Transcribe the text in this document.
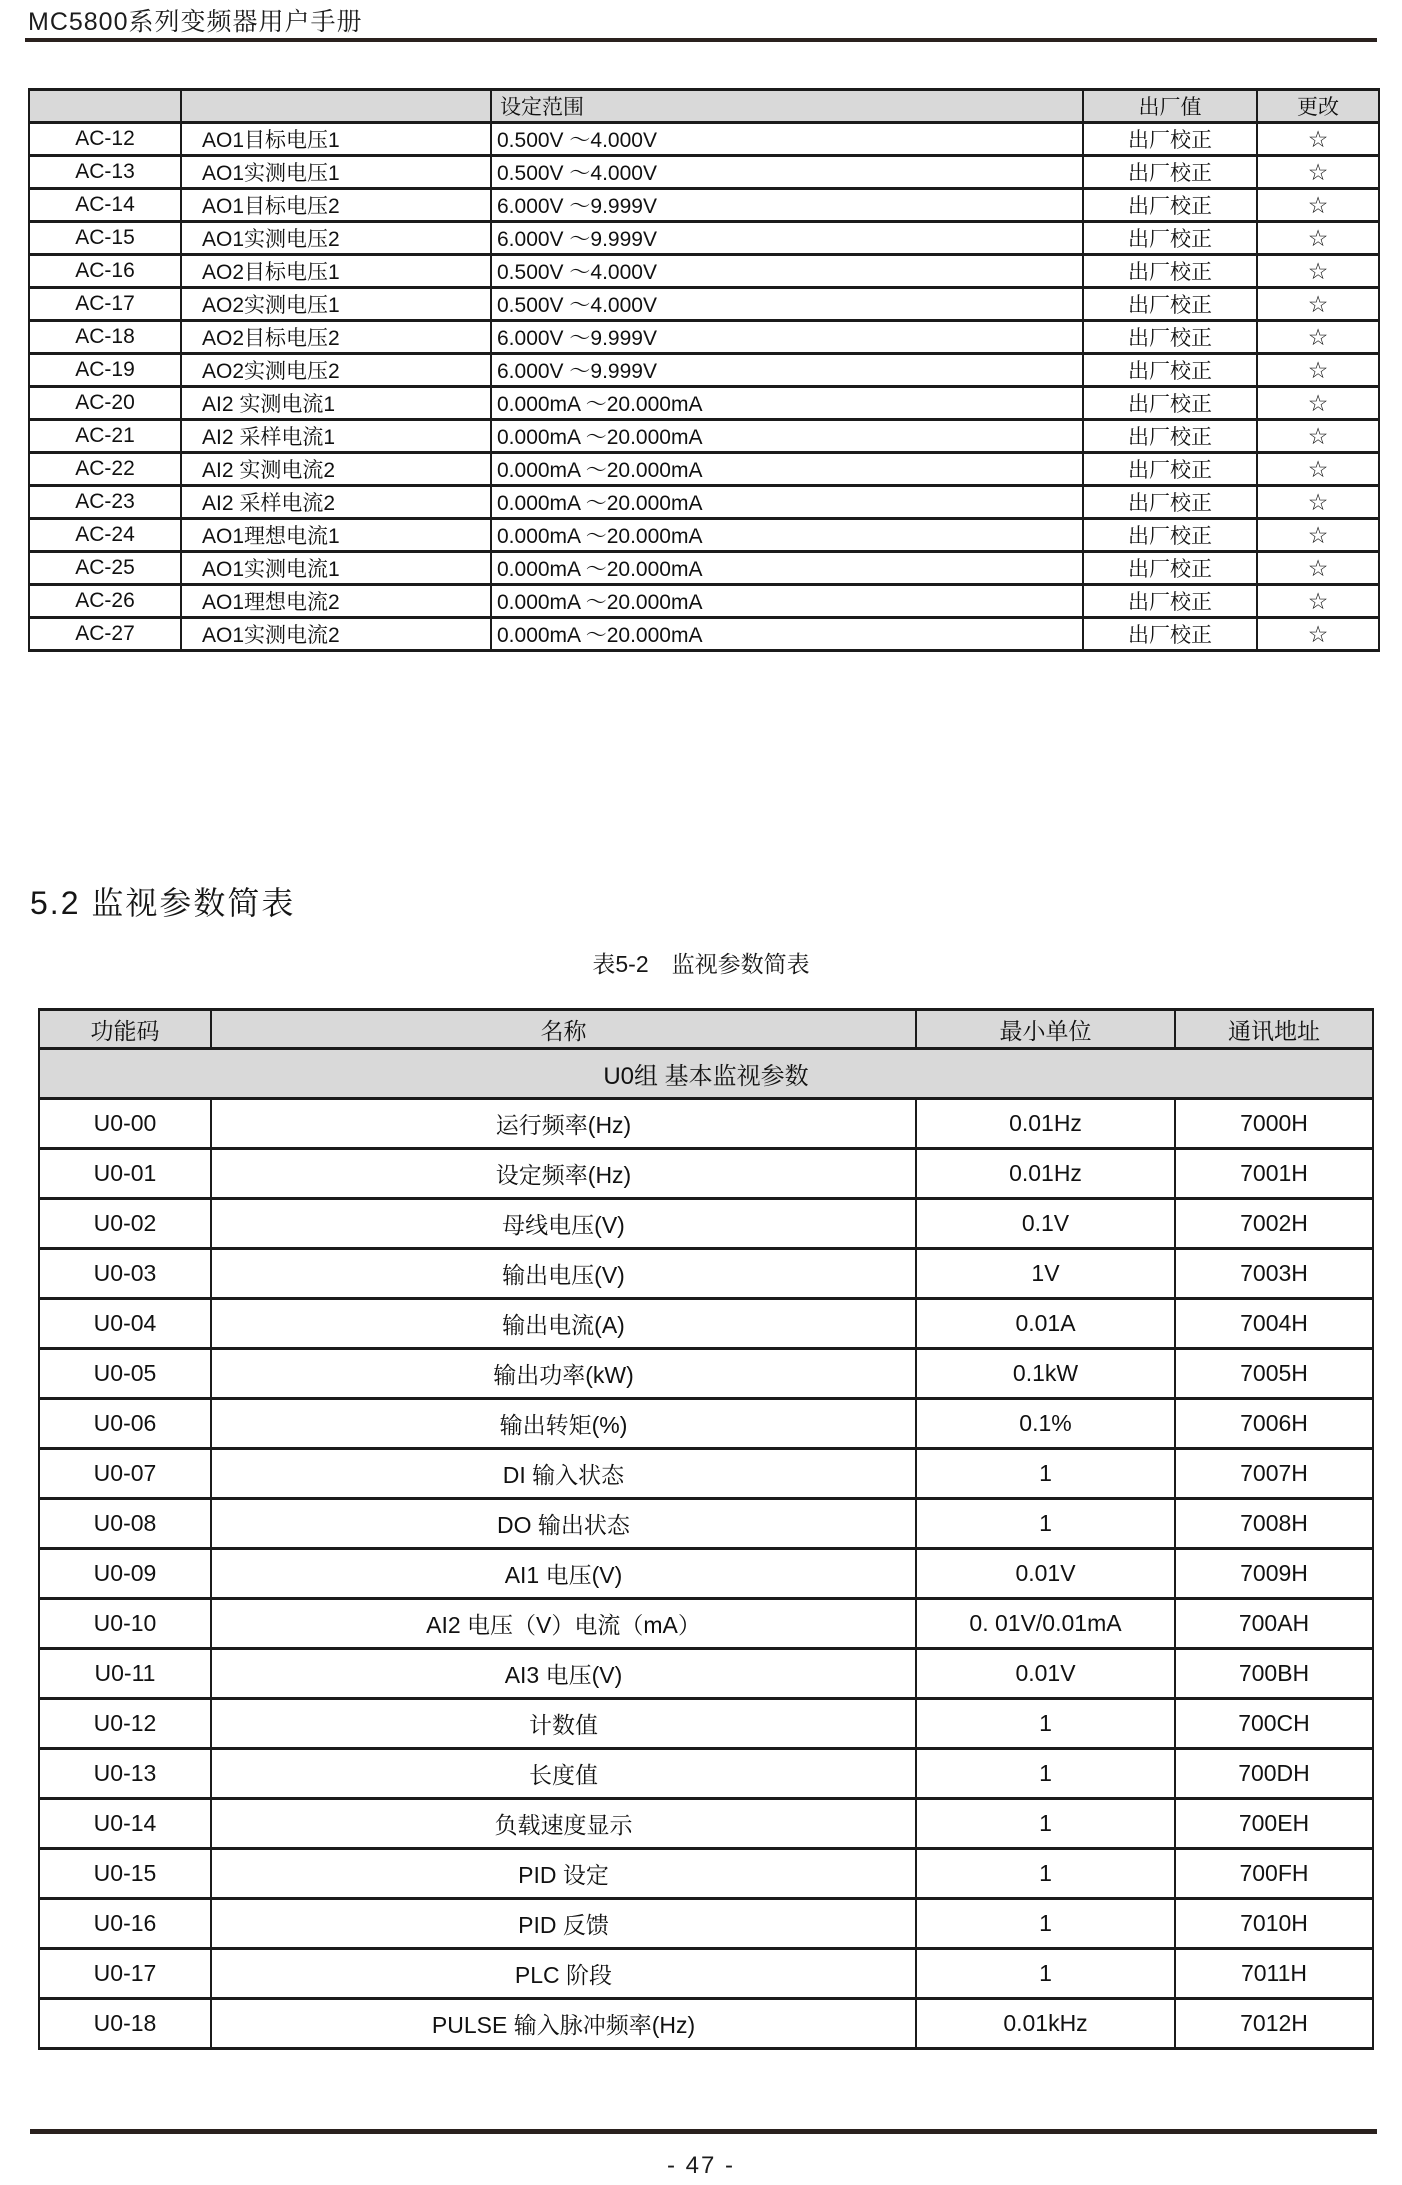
MC5800系列变频器用户手册
		设定范围	出厂值	更改
AC-12	AO1目标电压1	0.500V ～4.000V	出厂校正	☆
AC-13	AO1实测电压1	0.500V ～4.000V	出厂校正	☆
AC-14	AO1目标电压2	6.000V ～9.999V	出厂校正	☆
AC-15	AO1实测电压2	6.000V ～9.999V	出厂校正	☆
AC-16	AO2目标电压1	0.500V ～4.000V	出厂校正	☆
AC-17	AO2实测电压1	0.500V ～4.000V	出厂校正	☆
AC-18	AO2目标电压2	6.000V ～9.999V	出厂校正	☆
AC-19	AO2实测电压2	6.000V ～9.999V	出厂校正	☆
AC-20	AI2 实测电流1	0.000mA ～20.000mA	出厂校正	☆
AC-21	AI2 采样电流1	0.000mA ～20.000mA	出厂校正	☆
AC-22	AI2 实测电流2	0.000mA ～20.000mA	出厂校正	☆
AC-23	AI2 采样电流2	0.000mA ～20.000mA	出厂校正	☆
AC-24	AO1理想电流1	0.000mA ～20.000mA	出厂校正	☆
AC-25	AO1实测电流1	0.000mA ～20.000mA	出厂校正	☆
AC-26	AO1理想电流2	0.000mA ～20.000mA	出厂校正	☆
AC-27	AO1实测电流2	0.000mA ～20.000mA	出厂校正	☆
5.2 监视参数简表
表5-2　监视参数简表
功能码	名称	最小单位	通讯地址
U0组 基本监视参数			
U0-00	运行频率(Hz)	0.01Hz	7000H
U0-01	设定频率(Hz)	0.01Hz	7001H
U0-02	母线电压(V)	0.1V	7002H
U0-03	输出电压(V)	1V	7003H
U0-04	输出电流(A)	0.01A	7004H
U0-05	输出功率(kW)	0.1kW	7005H
U0-06	输出转矩(%)	0.1%	7006H
U0-07	DI 输入状态	1	7007H
U0-08	DO 输出状态	1	7008H
U0-09	AI1 电压(V)	0.01V	7009H
U0-10	AI2 电压（V）电流（mA）	0. 01V/0.01mA	700AH
U0-11	AI3 电压(V)	0.01V	700BH
U0-12	计数值	1	700CH
U0-13	长度值	1	700DH
U0-14	负载速度显示	1	700EH
U0-15	PID 设定	1	700FH
U0-16	PID 反馈	1	7010H
U0-17	PLC 阶段	1	7011H
U0-18	PULSE 输入脉冲频率(Hz)	0.01kHz	7012H
- 47 -
